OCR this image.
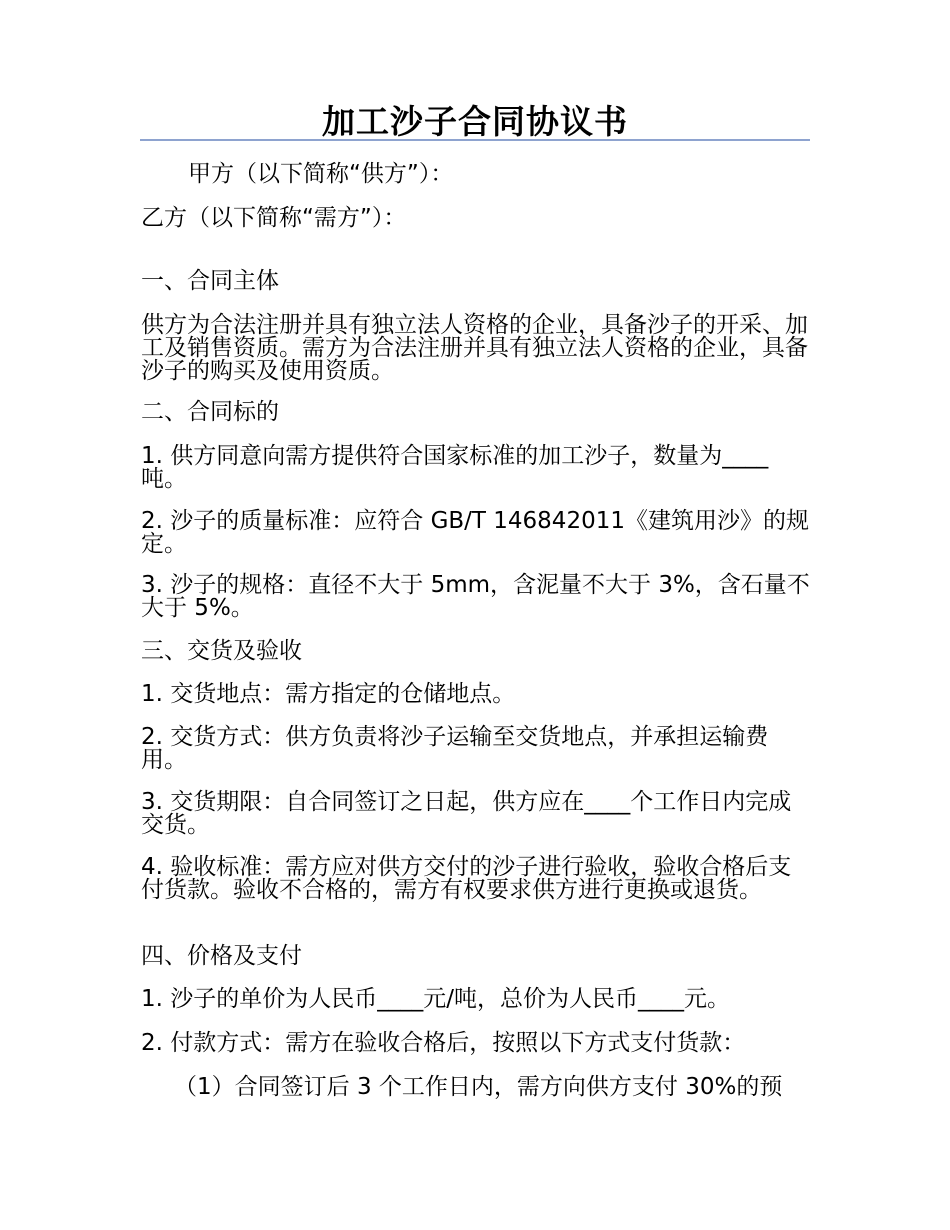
加工沙子合同协议书
甲方（以下简称“供方”）：
乙方（以下简称“需方”）：
一、合同主体
供方为合法注册并具有独立法人资格的企业，具备沙子的开采、加工及销售资质。需方为合法注册并具有独立法人资格的企业，具备沙子的购买及使用资质。
二、合同标的
1. 供方同意向需方提供符合国家标准的加工沙子，数量为____吨。
2. 沙子的质量标准：应符合 GB/T 146842011《建筑用沙》的规定。
3. 沙子的规格：直径不大于 5mm，含泥量不大于 3%，含石量不大于 5%。
三、交货及验收
1. 交货地点：需方指定的仓储地点。
2. 交货方式：供方负责将沙子运输至交货地点，并承担运输费用。
3. 交货期限：自合同签订之日起，供方应在____个工作日内完成交货。
4. 验收标准：需方应对供方交付的沙子进行验收，验收合格后支付货款。验收不合格的，需方有权要求供方进行更换或退货。
四、价格及支付
1. 沙子的单价为人民币____元/吨，总价为人民币____元。
2. 付款方式：需方在验收合格后，按照以下方式支付货款：
（1）合同签订后 3 个工作日内，需方向供方支付 30%的预
